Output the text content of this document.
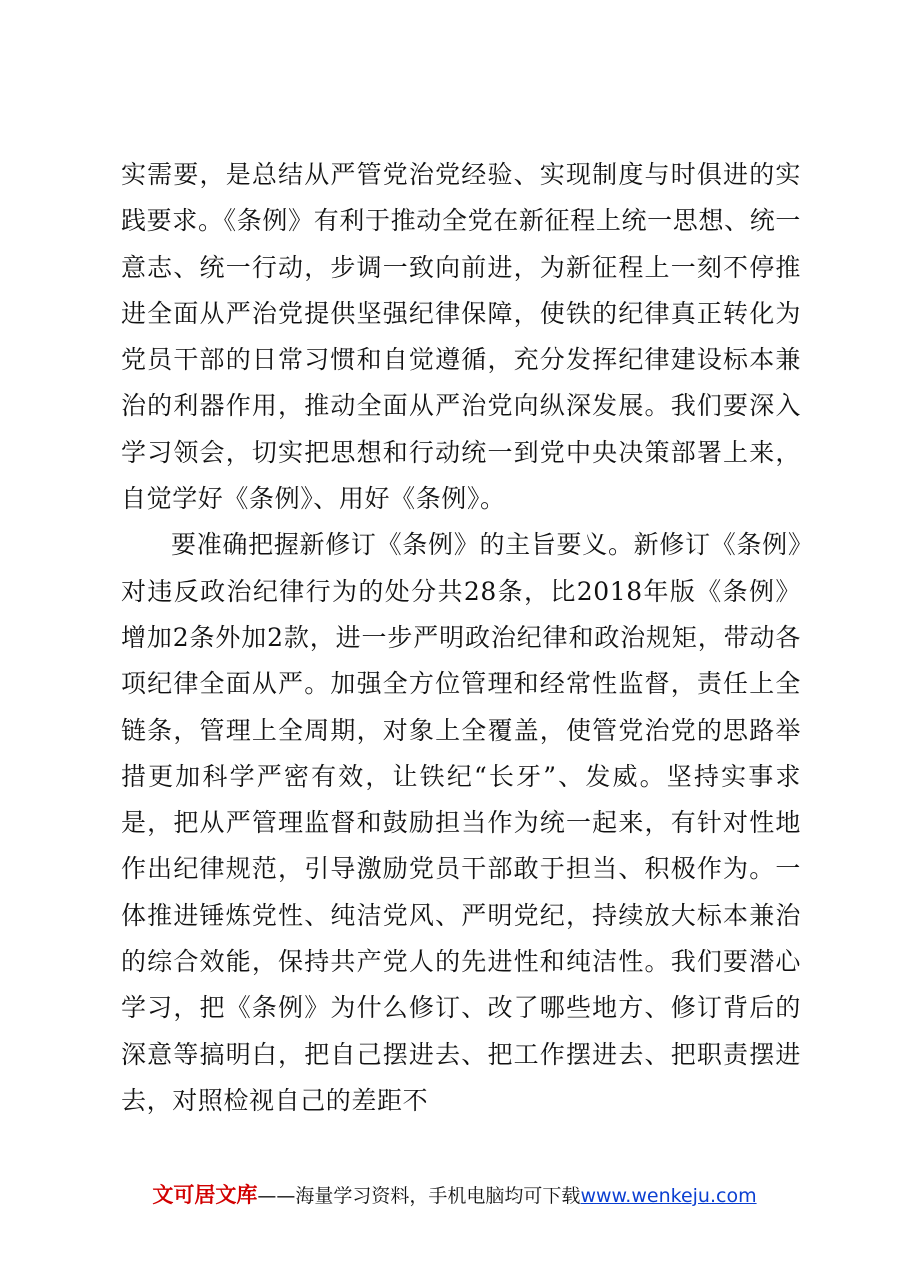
实需要，是总结从严管党治党经验、实现制度与时俱进的实践要求。《条例》有利于推动全党在新征程上统一思想、统一意志、统一行动，步调一致向前进，为新征程上一刻不停推进全面从严治党提供坚强纪律保障，使铁的纪律真正转化为党员干部的日常习惯和自觉遵循，充分发挥纪律建设标本兼治的利器作用，推动全面从严治党向纵深发展。我们要深入学习领会，切实把思想和行动统一到党中央决策部署上来，自觉学好《条例》、用好《条例》。

要准确把握新修订《条例》的主旨要义。新修订《条例》对违反政治纪律行为的处分共28条，比2018年版《条例》增加2条外加2款，进一步严明政治纪律和政治规矩，带动各项纪律全面从严。加强全方位管理和经常性监督，责任上全链条，管理上全周期，对象上全覆盖，使管党治党的思路举措更加科学严密有效，让铁纪“长牙”、发威。坚持实事求是，把从严管理监督和鼓励担当作为统一起来，有针对性地作出纪律规范，引导激励党员干部敢于担当、积极作为。一体推进锤炼党性、纯洁党风、严明党纪，持续放大标本兼治的综合效能，保持共产党人的先进性和纯洁性。我们要潜心学习，把《条例》为什么修订、改了哪些地方、修订背后的深意等搞明白，把自己摆进去、把工作摆进去、把职责摆进去，对照检视自己的差距不

文可居文库——海量学习资料，手机电脑均可下载www.wenkeju.com
